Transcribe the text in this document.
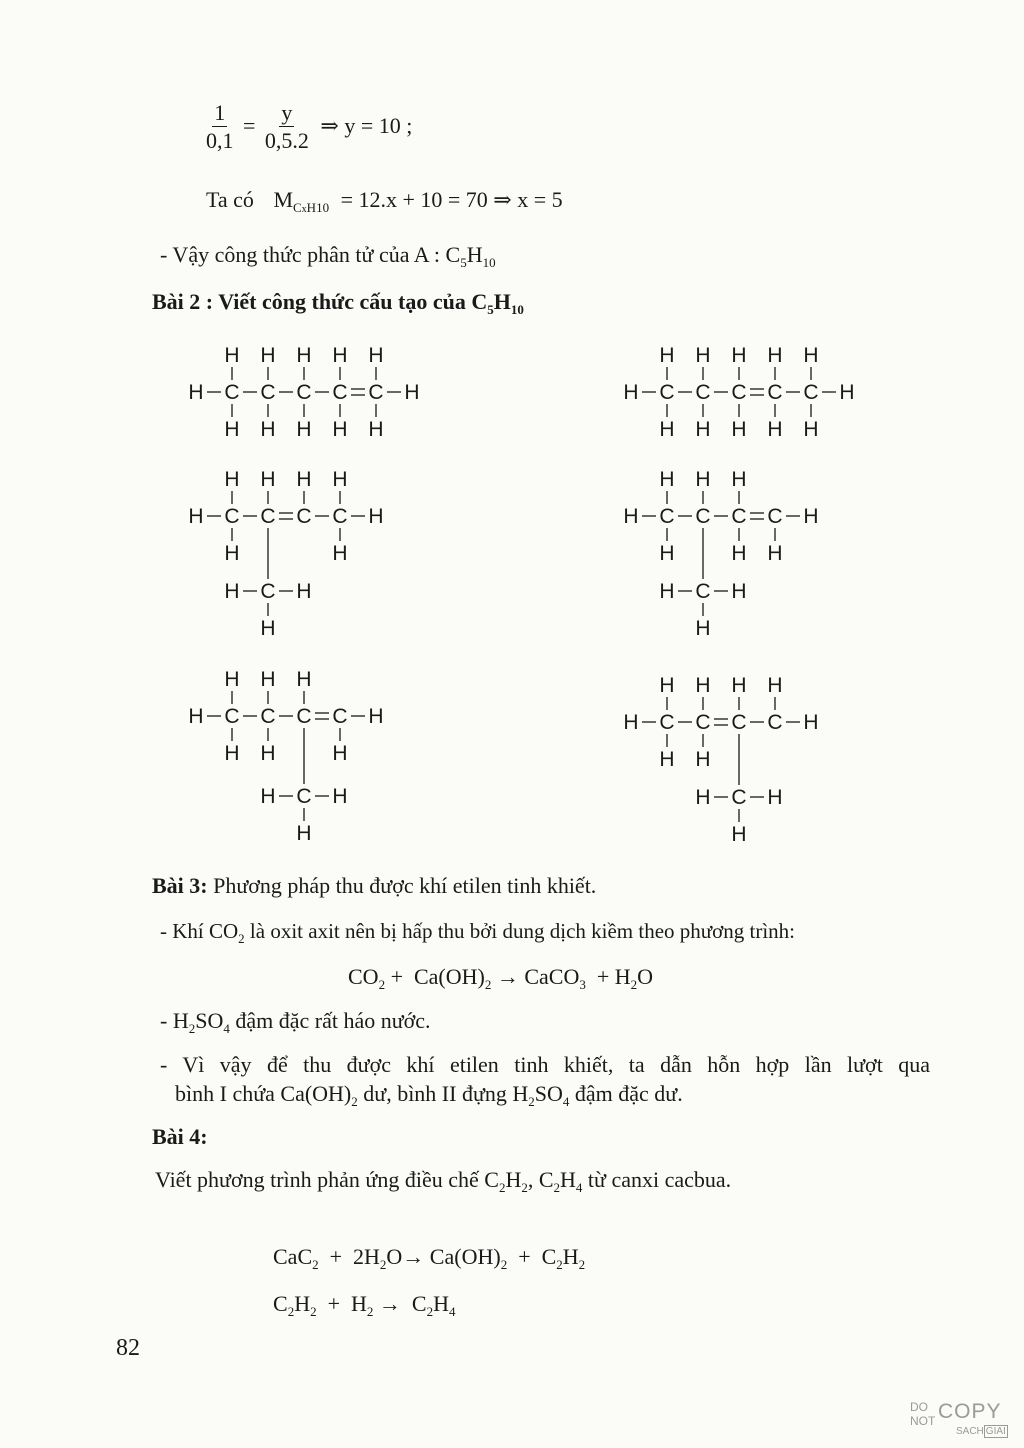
$\frac{1}{0,1} = \frac{y}{0,5.2}$ ⇒ y = 10 ;
Ta có $M_{CxH10} = 12.x + 10 = 70$ ⇒ x = 5
- Vậy công thức phân tử của A : $C_5H_{10}$
Bài 2 : Viết công thức cấu tạo của $C_5H_{10}$
H	H
C
H
H
C
H
H
C
H
H
C
H
H
C
H
H
H	H
C
H
H
C
H
H
C
H
H
C
H
H
C
H
H
H	H
C
H
H
C
H
C
H
C
H
H
C
H	H
H
H	H
C
H
H
C
H
C
H
H
C
H
C
H	H
H
H	H
C
H
H
C
H
H
C
H
C
H
C
H	H
H
H	H
C
H
H
C
H
H
C
H
C
H
C
H	H
H
Bài 3: Phương pháp thu được khí etilen tinh khiết.
- Khí $CO_2$ là oxit axit nên bị hấp thu bởi dung dịch kiềm theo phương trình:
$CO_2 + Ca(OH)_2$ → CaCO$_3$  + $H_2O$
- $H_2SO_4$ đậm đặc rất háo nước.
- Vì vậy để thu được khí etilen tinh khiết, ta dẫn hỗn hợp lần lượt qua
bình I chứa $Ca(OH)_2$ dư, bình II đựng $H_2SO_4$ đậm đặc dư.
Bài 4:
Viết phương trình phản ứng điều chế $C_2H_2$, $C_2H_4$ từ canxi cacbua.

$CaC_2 + 2H_2O\to Ca(OH)_2 + C_2H_2$

$C_2H_2 + H_2 \to C_2H_4$

82
DO
NOT COPY
SACH GIAI
